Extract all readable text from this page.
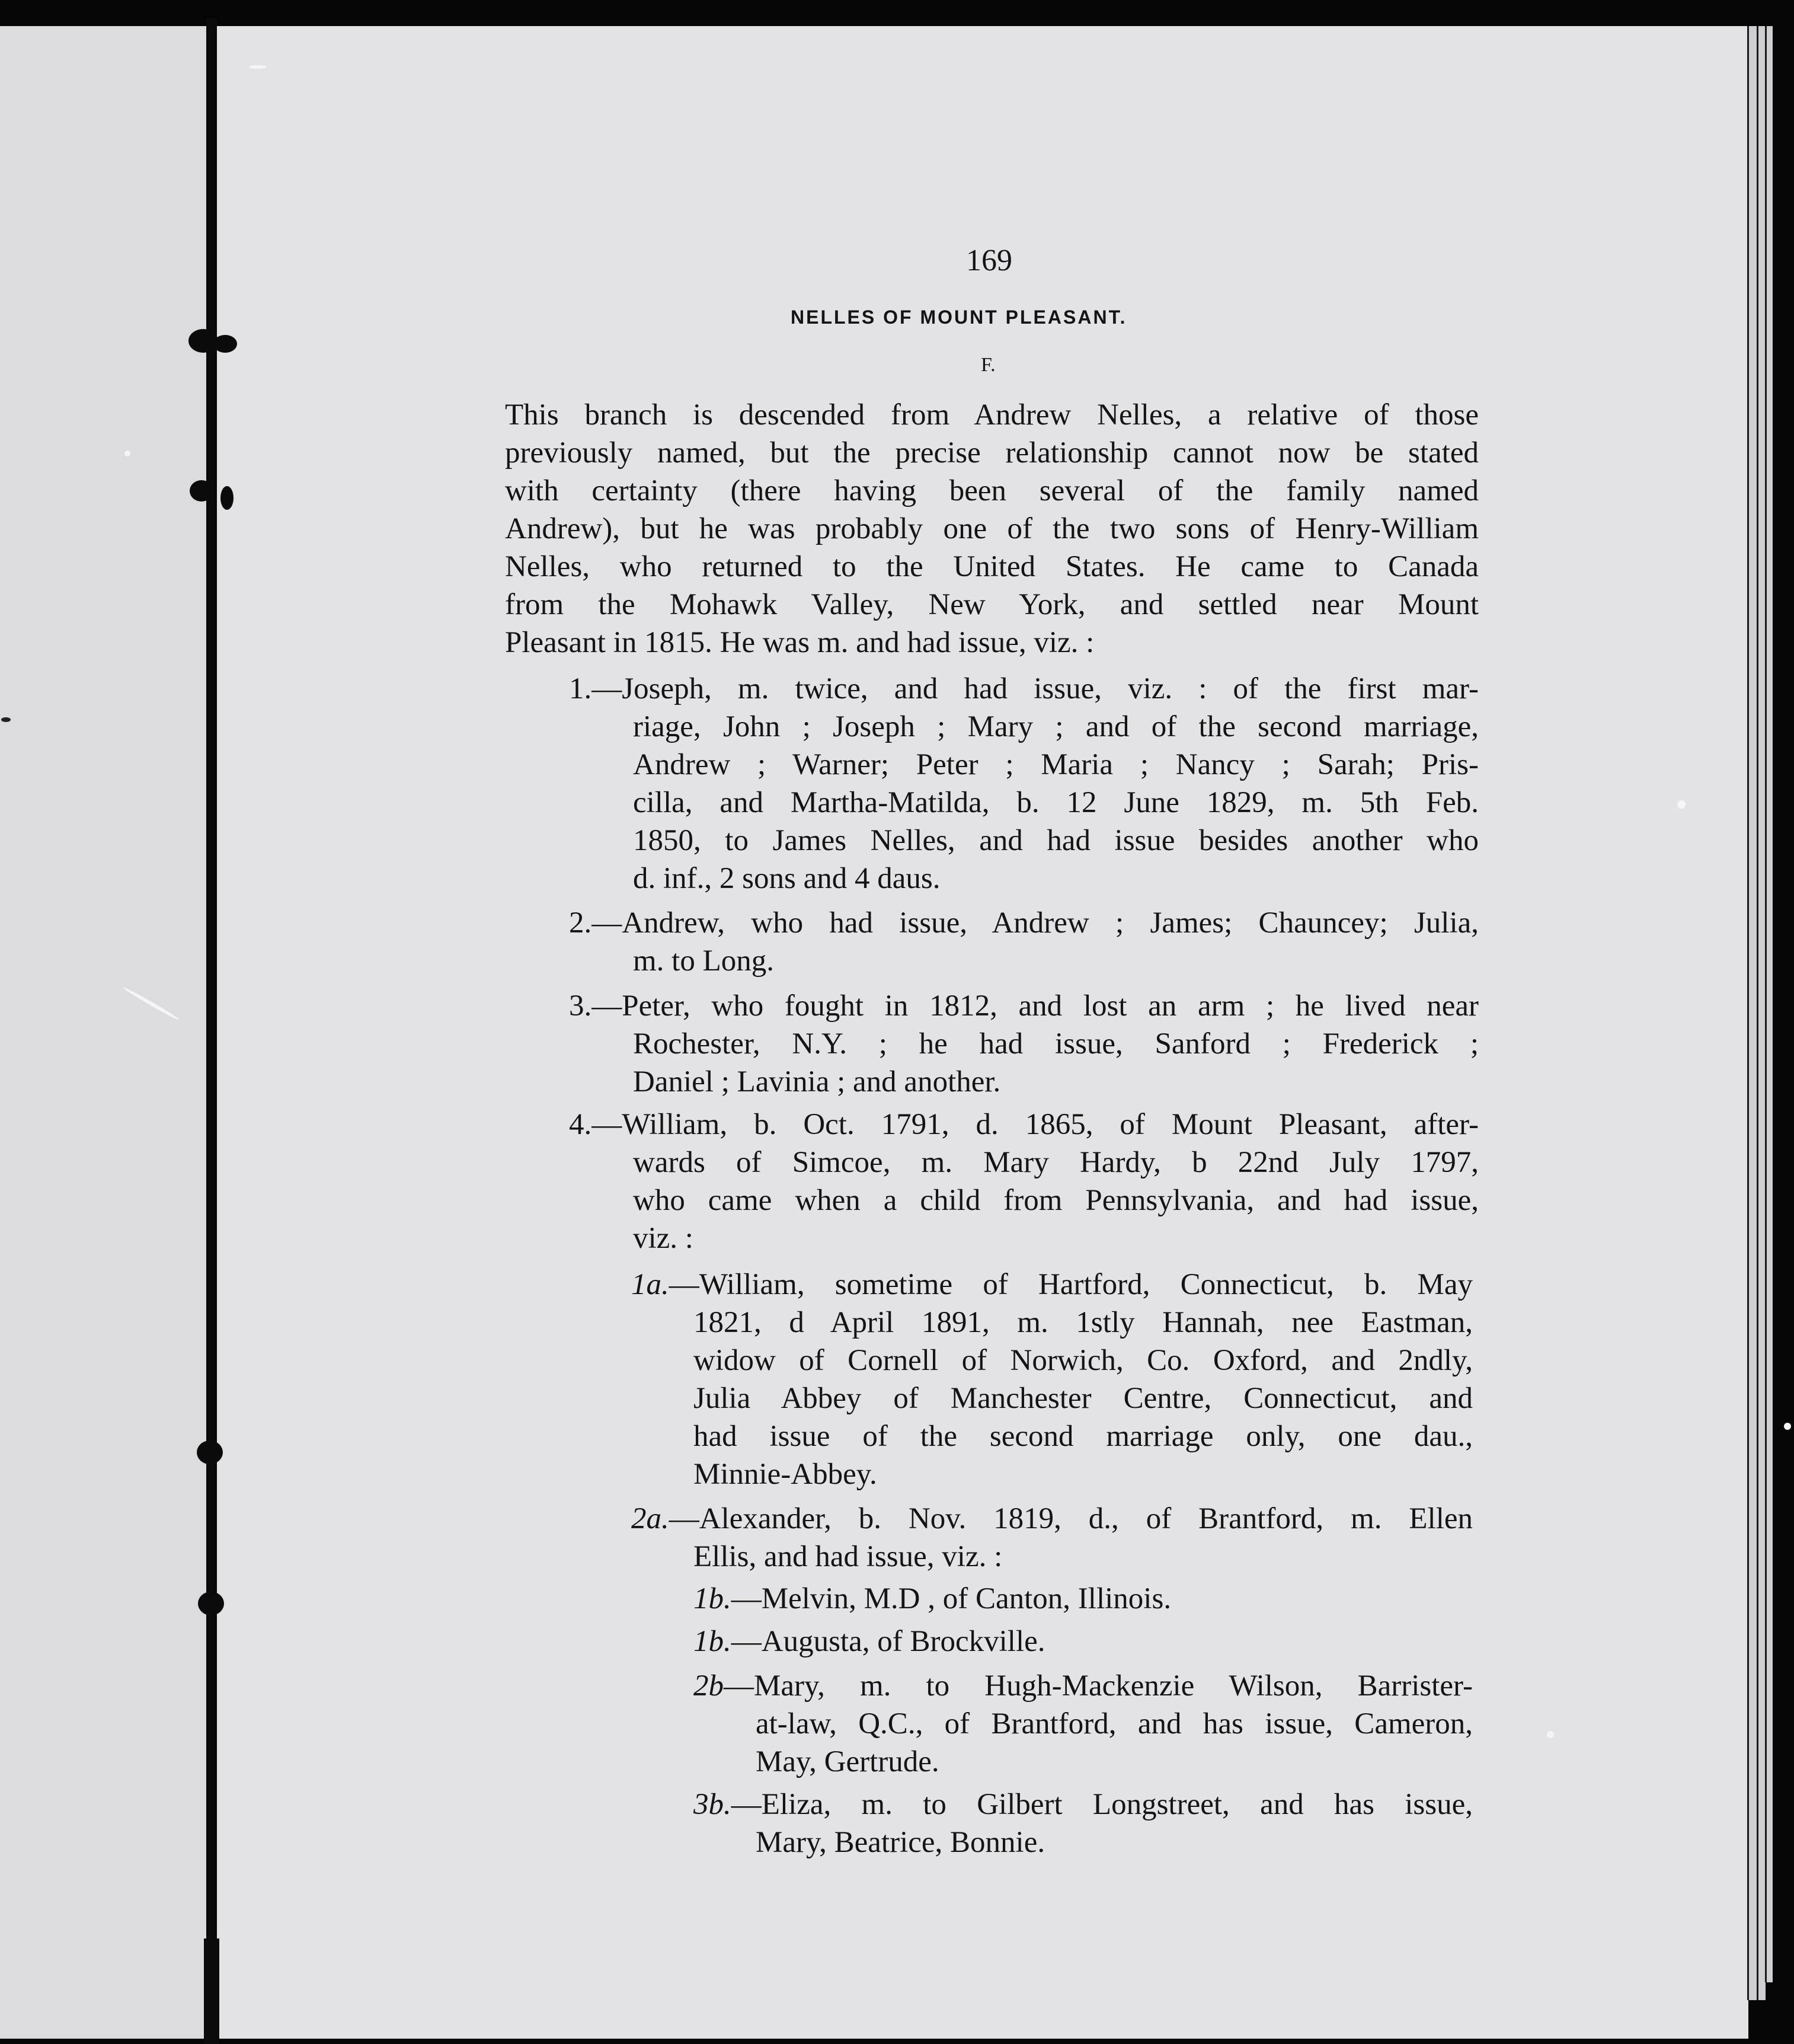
169
NELLES OF MOUNT PLEASANT.
F.
This branch is descended from Andrew Nelles, a relative of those
previously named, but the precise relationship cannot now be stated
with certainty (there having been several of the family named
Andrew), but he was probably one of the two sons of Henry-William
Nelles, who returned to the United States. He came to Canada
from the Mohawk Valley, New York, and settled near Mount
Pleasant in 1815. He was m. and had issue, viz. :
1.—Joseph, m. twice, and had issue, viz. : of the first mar-
riage, John ; Joseph ; Mary ; and of the second marriage,
Andrew ; Warner; Peter ; Maria ; Nancy ; Sarah; Pris-
cilla, and Martha-Matilda, b. 12 June 1829, m. 5th Feb.
1850, to James Nelles, and had issue besides another who
d. inf., 2 sons and 4 daus.
2.—Andrew, who had issue, Andrew ; James; Chauncey; Julia,
m. to Long.
3.—Peter, who fought in 1812, and lost an arm ; he lived near
Rochester, N.Y. ; he had issue, Sanford ; Frederick ;
Daniel ; Lavinia ; and another.
4.—William, b. Oct. 1791, d. 1865, of Mount Pleasant, after-
wards of Simcoe, m. Mary Hardy, b 22nd July 1797,
who came when a child from Pennsylvania, and had issue,
viz. :
1a.—William, sometime of Hartford, Connecticut, b. May
1821, d April 1891, m. 1stly Hannah, nee Eastman,
widow of Cornell of Norwich, Co. Oxford, and 2ndly,
Julia Abbey of Manchester Centre, Connecticut, and
had issue of the second marriage only, one dau.,
Minnie-Abbey.
2a.—Alexander, b. Nov. 1819, d., of Brantford, m. Ellen
Ellis, and had issue, viz. :
1b.—Melvin, M.D , of Canton, Illinois.
1b.—Augusta, of Brockville.
2b—Mary, m. to Hugh-Mackenzie Wilson, Barrister-
at-law, Q.C., of Brantford, and has issue, Cameron,
May, Gertrude.
3b.—Eliza, m. to Gilbert Longstreet, and has issue,
Mary, Beatrice, Bonnie.
